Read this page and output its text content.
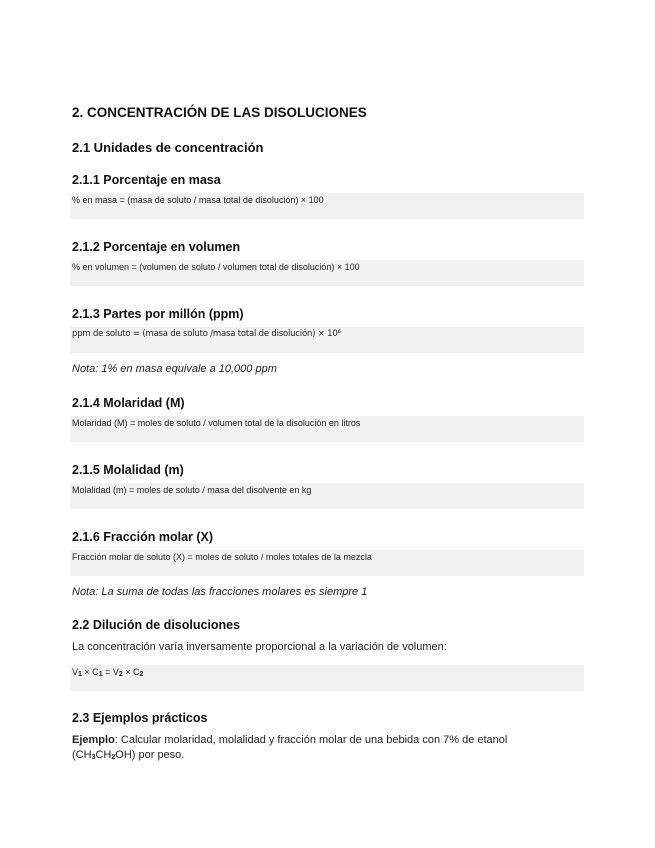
2. CONCENTRACIÓN DE LAS DISOLUCIONES
2.1 Unidades de concentración
2.1.1 Porcentaje en masa
% en masa = (masa de soluto / masa total de disolución) × 100
2.1.2 Porcentaje en volumen
% en volumen = (volumen de soluto / volumen total de disolución) × 100
2.1.3 Partes por millón (ppm)
ppm de soluto = (masa de soluto /masa total de disolución) × 10⁶
Nota: 1% en masa equivale a 10,000 ppm
2.1.4 Molaridad (M)
Molaridad (M) = moles de soluto / volumen total de la disolución en litros
2.1.5 Molalidad (m)
Molalidad (m) = moles de soluto / masa del disolvente en kg
2.1.6 Fracción molar (X)
Fracción molar de soluto (X) = moles de soluto / moles totales de la mezcla
Nota: La suma de todas las fracciones molares es siempre 1
2.2 Dilución de disoluciones
La concentración varía inversamente proporcional a la variación de volumen:
$V_1 \times C_1 = V_2 \times C_2$
2.3 Ejemplos prácticos
Ejemplo: Calcular molaridad, molalidad y fracción molar de una bebida con 7% de etanol
$(CH_3CH_2OH)$ por peso.
